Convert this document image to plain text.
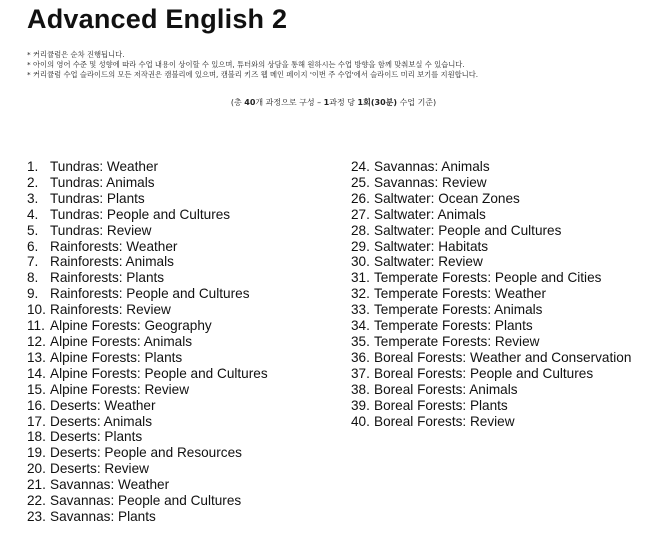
Advanced English 2
* 커리큘럼은 순차 진행됩니다.
* 아이의 영어 수준 및 성향에 따라 수업 내용이 상이할 수 있으며, 튜터와의 상담을 통해 원하시는 수업 방향을 함께 맞춰보실 수 있습니다.
* 커리큘럼 수업 슬라이드의 모든 저작권은 캠블리에 있으며, 캠블리 키즈 웹 메인 페이지 '이번 주 수업'에서 슬라이드 미리 보기를 지원합니다.
(총 40개 과정으로 구성 – 1과정 당 1회(30분) 수업 기준)
1. Tundras: Weather
2. Tundras: Animals
3. Tundras: Plants
4. Tundras: People and Cultures
5. Tundras: Review
6. Rainforests: Weather
7. Rainforests: Animals
8. Rainforests: Plants
9. Rainforests: People and Cultures
10. Rainforests: Review
11. Alpine Forests: Geography
12. Alpine Forests: Animals
13. Alpine Forests: Plants
14. Alpine Forests: People and Cultures
15. Alpine Forests: Review
16. Deserts: Weather
17. Deserts: Animals
18. Deserts: Plants
19. Deserts: People and Resources
20. Deserts: Review
21. Savannas: Weather
22. Savannas: People and Cultures
23. Savannas: Plants
24. Savannas: Animals
25. Savannas: Review
26. Saltwater: Ocean Zones
27. Saltwater: Animals
28. Saltwater: People and Cultures
29. Saltwater: Habitats
30. Saltwater: Review
31. Temperate Forests: People and Cities
32. Temperate Forests: Weather
33. Temperate Forests: Animals
34. Temperate Forests: Plants
35. Temperate Forests: Review
36. Boreal Forests: Weather and Conservation
37. Boreal Forests: People and Cultures
38. Boreal Forests: Animals
39. Boreal Forests: Plants
40. Boreal Forests: Review
